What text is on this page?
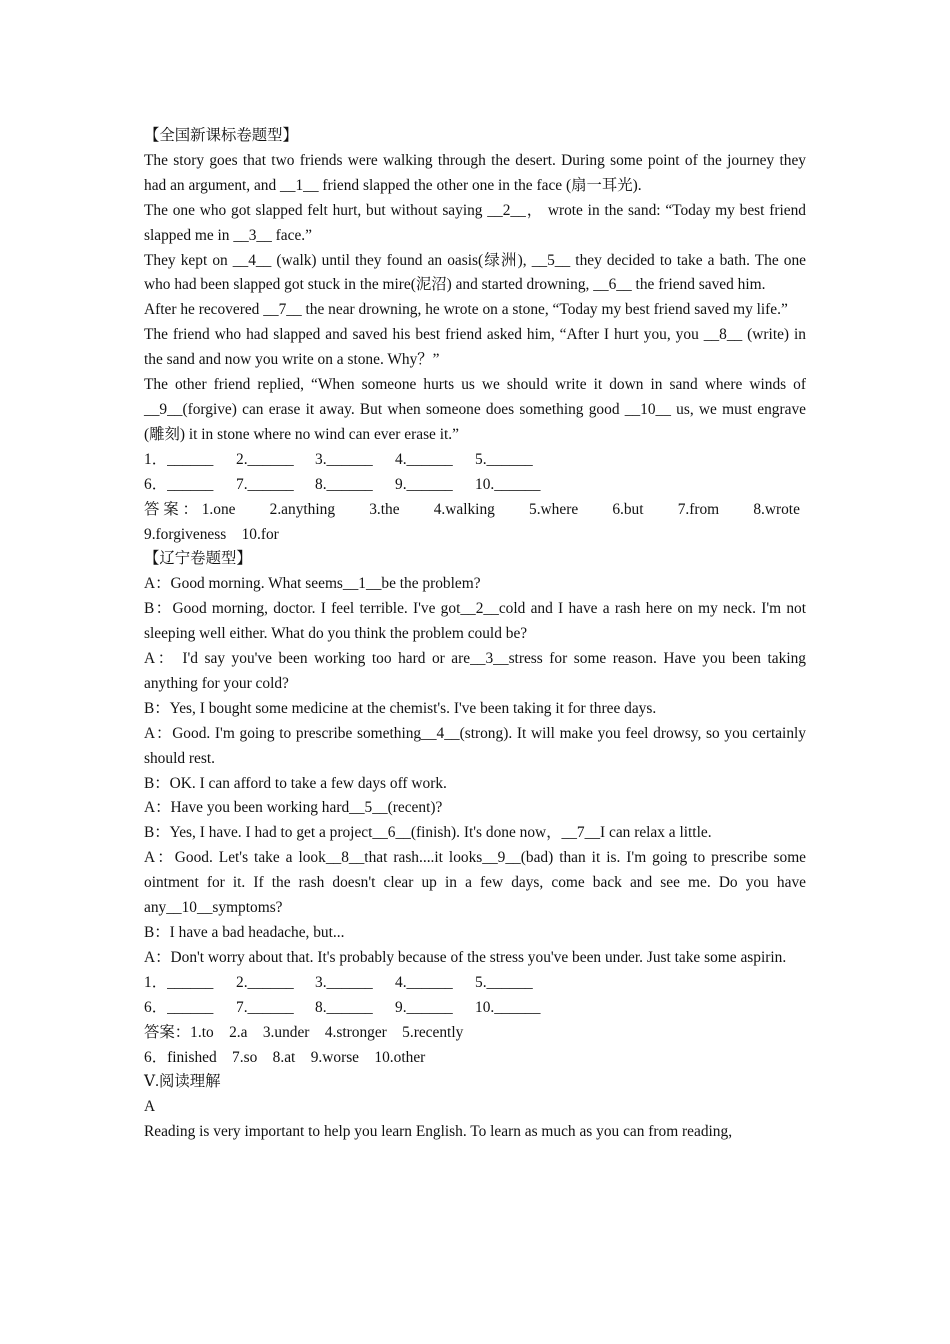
【全国新课标卷题型】

The story goes that two friends were walking through the desert. During some point of the journey they had an argument, and __1__ friend slapped the other one in the face (扇一耳光).

The one who got slapped felt hurt, but without saying __2__， wrote in the sand: “Today my best friend slapped me in __3__ face.”

They kept on __4__ (walk) until they found an oasis(绿洲), __5__ they decided to take a bath. The one who had been slapped got stuck in the mire(泥沼) and started drowning, __6__ the friend saved him.

After he recovered __7__ the near drowning, he wrote on a stone, “Today my best friend saved my life.”

The friend who had slapped and saved his best friend asked him, “After I hurt you, you __8__ (write) in the sand and now you write on a stone. Why？”

The other friend replied, “When someone hurts us we should write it down in sand where winds of __9__(forgive) can erase it away. But when someone does something good __10__ us, we must engrave (雕刻) it in stone where no wind can ever erase it.”

1．______	2.______	3.______	4.______	5.______
6．______	7.______	8.______	9.______	10.______
答 案 ： 1.one 2.anything 3.the 4.walking 5.where 6.but 7.from 8.wrote

9.forgiveness　10.for

【辽宁卷题型】

A：Good morning. What seems__1__be the problem?

B：Good morning, doctor. I feel terrible. I've got__2__cold and I have a rash here on my neck. I'm not sleeping well either. What do you think the problem could be?

A： I'd say you've been working too hard or are__3__stress for some reason. Have you been taking anything for your cold?

B：Yes, I bought some medicine at the chemist's. I've been taking it for three days.

A：Good. I'm going to prescribe something__4__(strong). It will make you feel drowsy, so you certainly should rest.

B：OK. I can afford to take a few days off work.

A：Have you been working hard__5__(recent)?

B：Yes, I have. I had to get a project__6__(finish). It's done now，__7__I can relax a little.

A：Good. Let's take a look__8__that rash....it looks__9__(bad) than it is. I'm going to prescribe some ointment for it. If the rash doesn't clear up in a few days, come back and see me. Do you have any__10__symptoms?

B：I have a bad headache, but...

A：Don't worry about that. It's probably because of the stress you've been under. Just take some aspirin.

1．______	2.______	3.______	4.______	5.______
6．______	7.______	8.______	9.______	10.______

答案：1.to　2.a　3.under　4.stronger　5.recently

6．finished　7.so　8.at　9.worse　10.other

Ⅴ.阅读理解

A

Reading is very important to help you learn English. To learn as much as you can from reading,
